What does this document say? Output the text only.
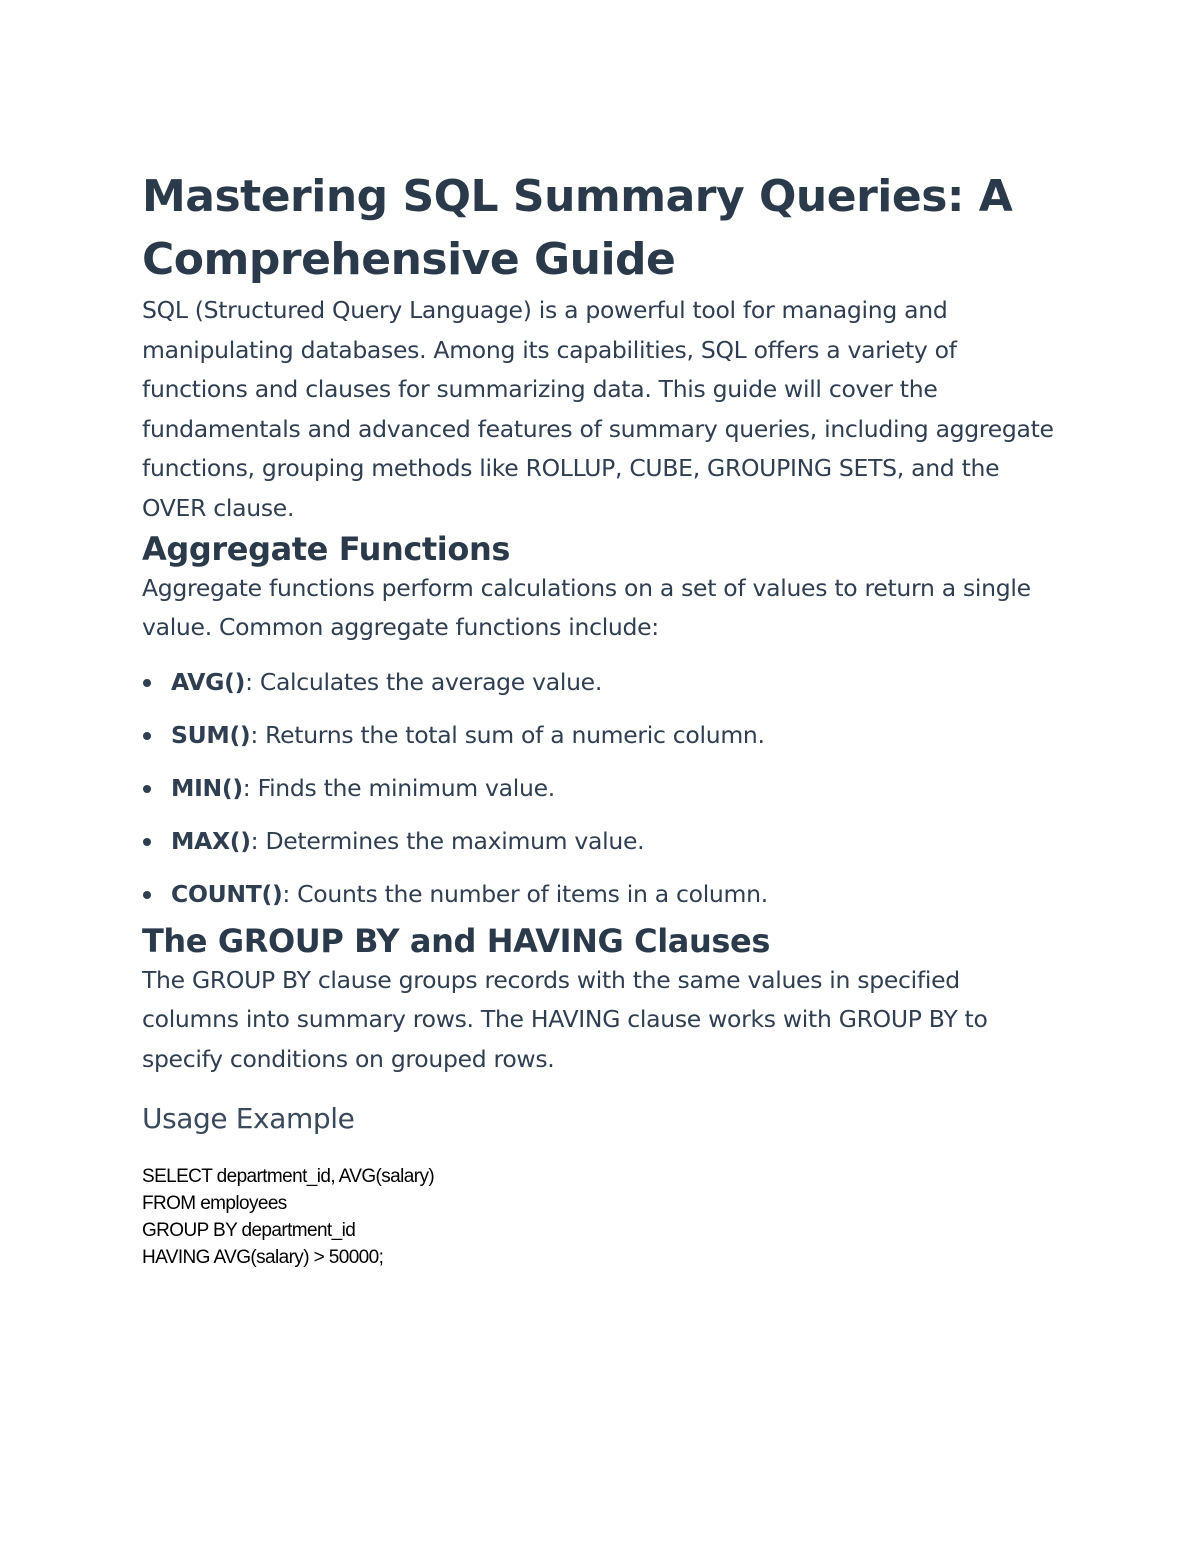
Mastering SQL Summary Queries: A Comprehensive Guide

SQL (Structured Query Language) is a powerful tool for managing and manipulating databases. Among its capabilities, SQL offers a variety of functions and clauses for summarizing data. This guide will cover the fundamentals and advanced features of summary queries, including aggregate functions, grouping methods like ROLLUP, CUBE, GROUPING SETS, and the OVER clause.

Aggregate Functions

Aggregate functions perform calculations on a set of values to return a single value. Common aggregate functions include:

AVG(): Calculates the average value.
SUM(): Returns the total sum of a numeric column.
MIN(): Finds the minimum value.
MAX(): Determines the maximum value.
COUNT(): Counts the number of items in a column.
The GROUP BY and HAVING Clauses

The GROUP BY clause groups records with the same values in specified columns into summary rows. The HAVING clause works with GROUP BY to specify conditions on grouped rows.

Usage Example
SELECT department_id, AVG(salary)
FROM employees
GROUP BY department_id
HAVING AVG(salary) > 50000;
